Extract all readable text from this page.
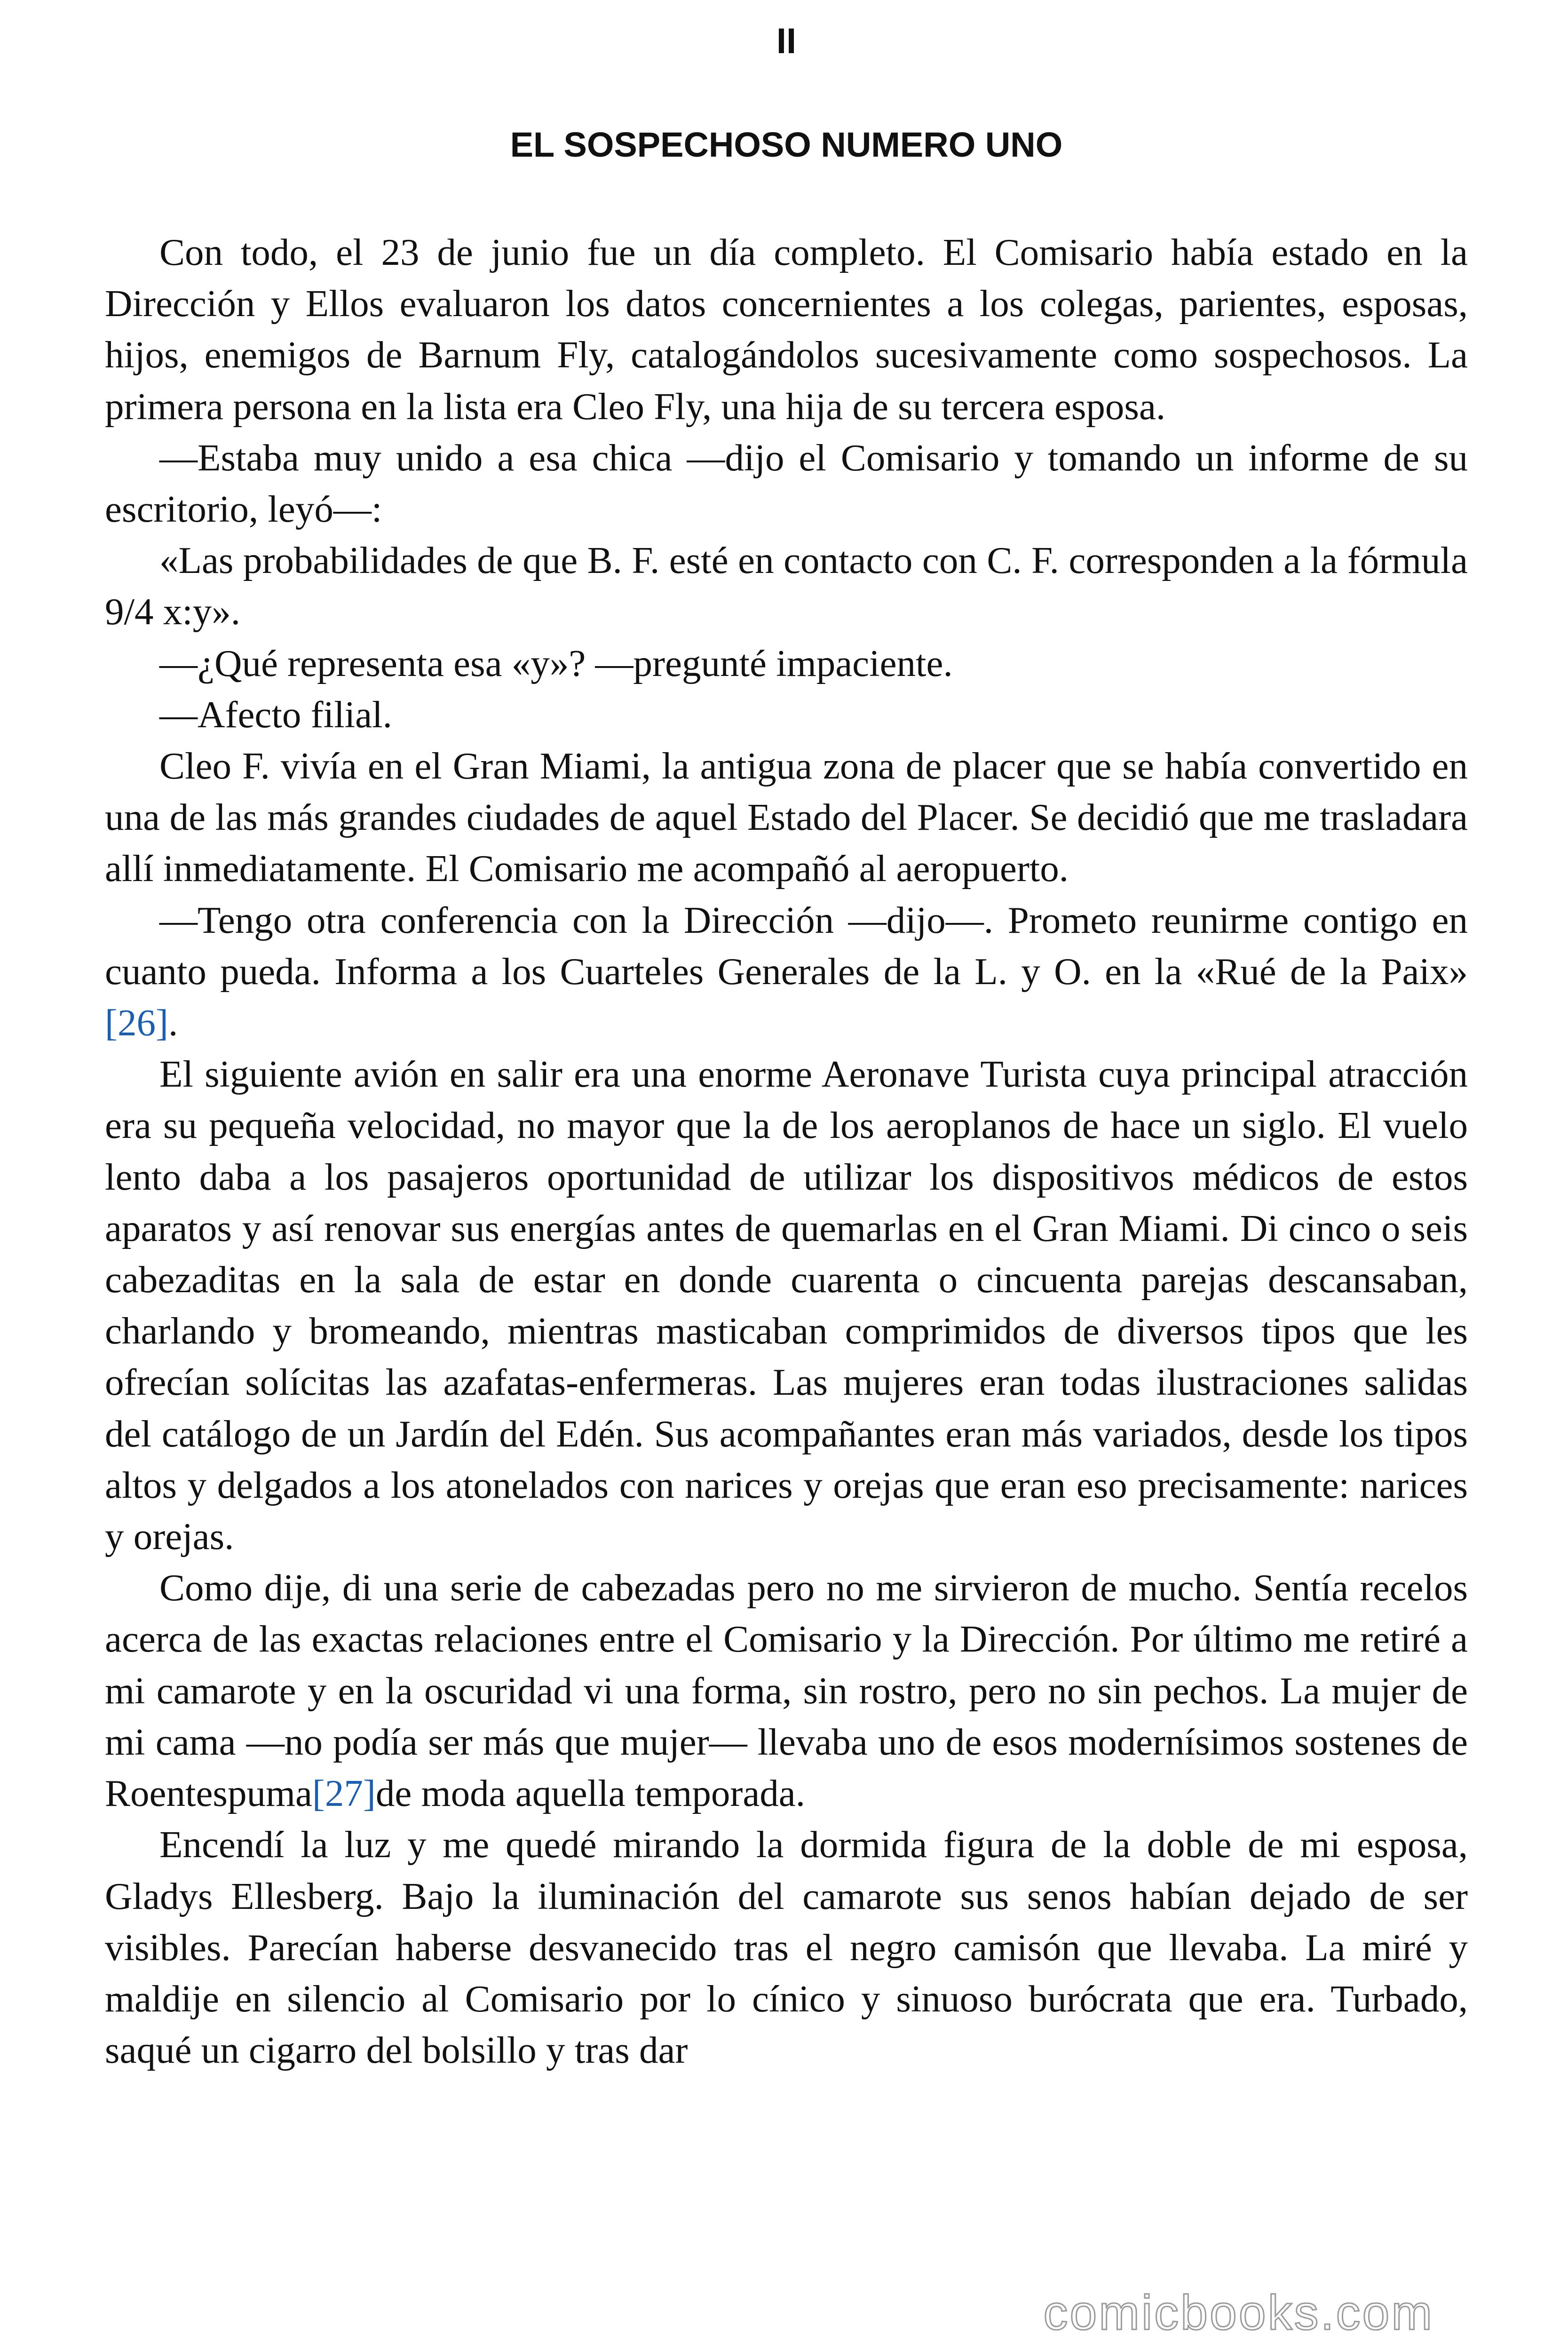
II
EL SOSPECHOSO NUMERO UNO

Con todo, el 23 de junio fue un día completo. El Comisario había estado en la Dirección y Ellos evaluaron los datos concernientes a los colegas, parientes, esposas, hijos, enemigos de Barnum Fly, catalogándolos sucesivamente como sospechosos. La primera persona en la lista era Cleo Fly, una hija de su tercera esposa.

—Estaba muy unido a esa chica —dijo el Comisario y tomando un informe de su escritorio, leyó—:

«Las probabilidades de que B. F. esté en contacto con C. F. corresponden a la fórmula 9/4 x:y».

—¿Qué representa esa «y»? —pregunté impaciente.

—Afecto filial.

Cleo F. vivía en el Gran Miami, la antigua zona de placer que se había convertido en una de las más grandes ciudades de aquel Estado del Placer. Se decidió que me trasladara allí inmediatamente. El Comisario me acompañó al aeropuerto.

—Tengo otra conferencia con la Dirección —dijo—. Prometo reunirme contigo en cuanto pueda. Informa a los Cuarteles Generales de la L. y O. en la «Rué de la Paix» [26].

El siguiente avión en salir era una enorme Aeronave Turista cuya principal atracción era su pequeña velocidad, no mayor que la de los aeroplanos de hace un siglo. El vuelo lento daba a los pasajeros oportunidad de utilizar los dispositivos médicos de estos aparatos y así renovar sus energías antes de quemarlas en el Gran Miami. Di cinco o seis cabezaditas en la sala de estar en donde cuarenta o cincuenta parejas descansaban, charlando y bromeando, mientras masticaban comprimidos de diversos tipos que les ofrecían solícitas las azafatas-enfermeras. Las mujeres eran todas ilustraciones salidas del catálogo de un Jardín del Edén. Sus acompañantes eran más variados, desde los tipos altos y delgados a los atonelados con narices y orejas que eran eso precisamente: narices y orejas.

Como dije, di una serie de cabezadas pero no me sirvieron de mucho. Sentía recelos acerca de las exactas relaciones entre el Comisario y la Dirección. Por último me retiré a mi camarote y en la oscuridad vi una forma, sin rostro, pero no sin pechos. La mujer de mi cama —no podía ser más que mujer— llevaba uno de esos modernísimos sostenes de Roentespuma[27]de moda aquella temporada.

Encendí la luz y me quedé mirando la dormida figura de la doble de mi esposa, Gladys Ellesberg. Bajo la iluminación del camarote sus senos habían dejado de ser visibles. Parecían haberse desvanecido tras el negro camisón que llevaba. La miré y maldije en silencio al Comisario por lo cínico y sinuoso burócrata que era. Turbado, saqué un cigarro del bolsillo y tras dar

comicbooks.com
